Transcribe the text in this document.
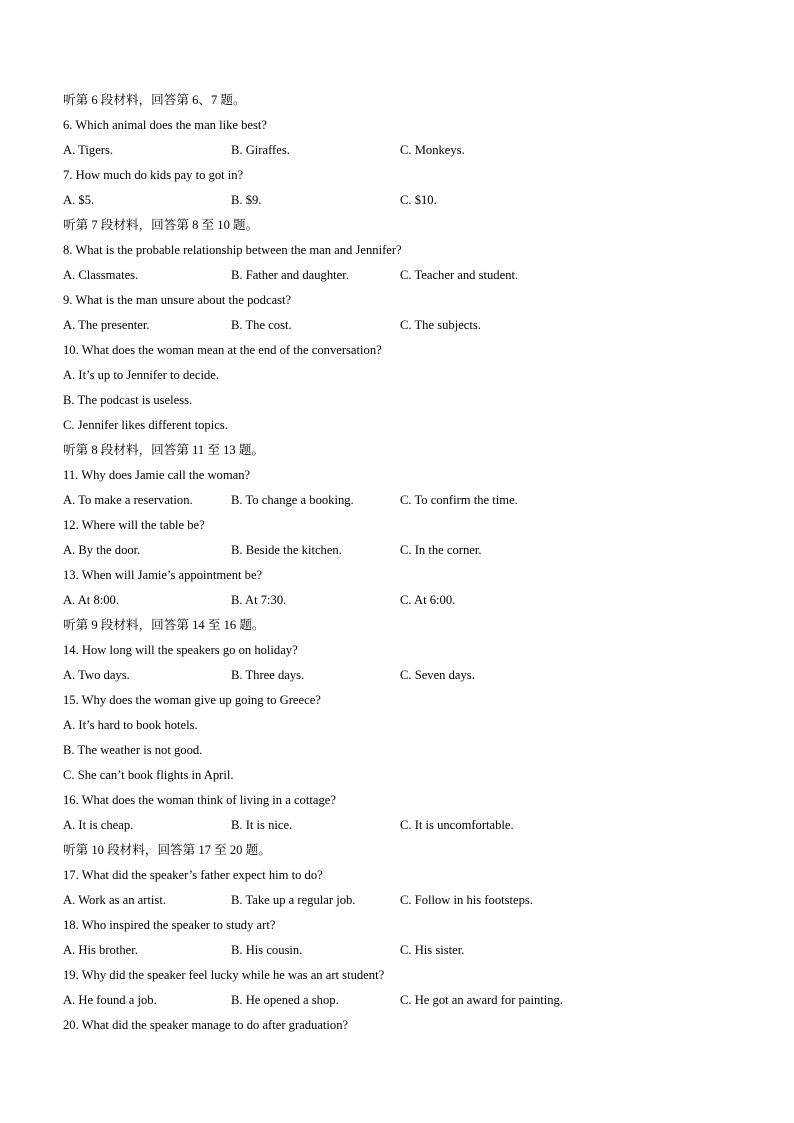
听第 6 段材料，回答第 6、7 题。
6. Which animal does the man like best?
A. Tigers.	B. Giraffes.	C. Monkeys.
7. How much do kids pay to got in?
A. $5.	B. $9.	C. $10.
听第 7 段材料，回答第 8 至 10 题。
8. What is the probable relationship between the man and Jennifer?
A. Classmates.	B. Father and daughter.	C. Teacher and student.
9. What is the man unsure about the podcast?
A. The presenter.	B. The cost.	C. The subjects.
10. What does the woman mean at the end of the conversation?
A. It’s up to Jennifer to decide.
B. The podcast is useless.
C. Jennifer likes different topics.
听第 8 段材料，回答第 11 至 13 题。
11. Why does Jamie call the woman?
A. To make a reservation.	B. To change a booking.	C. To confirm the time.
12. Where will the table be?
A. By the door.	B. Beside the kitchen.	C. In the corner.
13. When will Jamie’s appointment be?
A. At 8:00.	B. At 7:30.	C. At 6:00.
听第 9 段材料，回答第 14 至 16 题。
14. How long will the speakers go on holiday?
A. Two days.	B. Three days.	C. Seven days.
15. Why does the woman give up going to Greece?
A. It’s hard to book hotels.
B. The weather is not good.
C. She can’t book flights in April.
16. What does the woman think of living in a cottage?
A. It is cheap.	B. It is nice.	C. It is uncomfortable.
听第 10 段材料，回答第 17 至 20 题。
17. What did the speaker’s father expect him to do?
A. Work as an artist.	B. Take up a regular job.	C. Follow in his footsteps.
18. Who inspired the speaker to study art?
A. His brother.	B. His cousin.	C. His sister.
19. Why did the speaker feel lucky while he was an art student?
A. He found a job.	B. He opened a shop.	C. He got an award for painting.
20. What did the speaker manage to do after graduation?
